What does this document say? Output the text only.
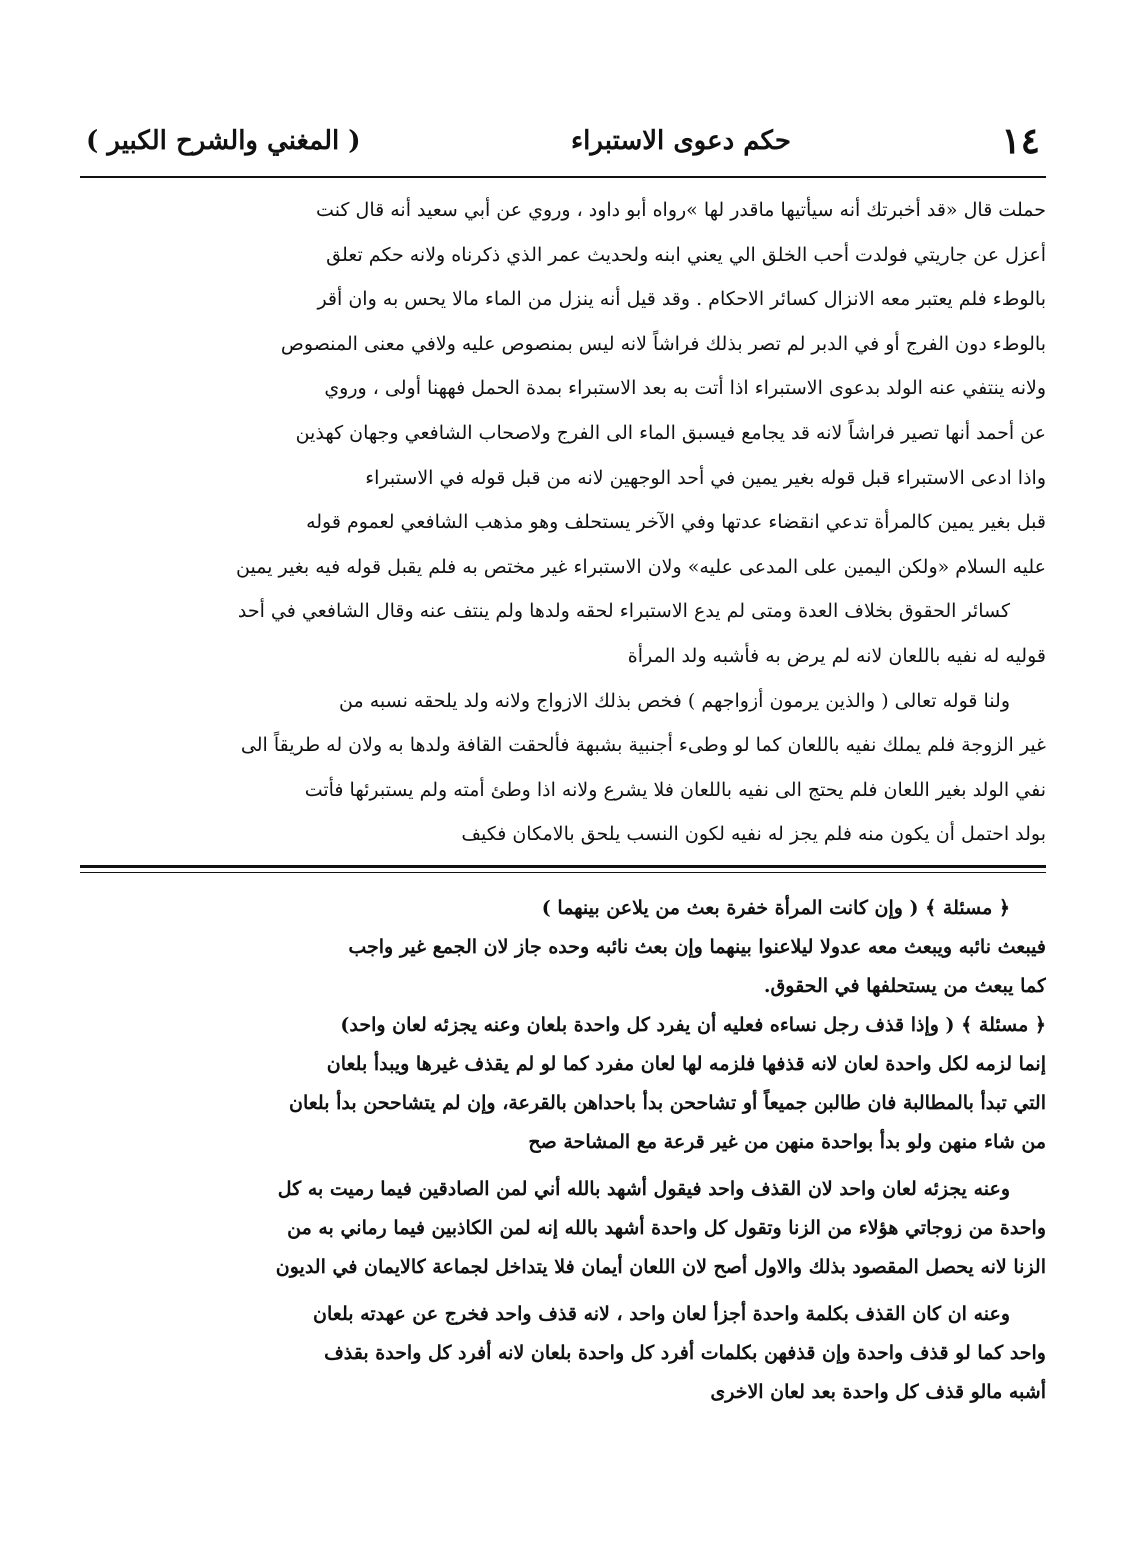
١٤
حكم دعوى الاستبراء
( المغني والشرح الكبير )
حملت قال «قد أخبرتك أنه سيأتيها ماقدر لها »رواه أبو داود ، وروي عن أبي سعيد أنه قال كنت
أعزل عن جاريتي فولدت أحب الخلق الي يعني ابنه ولحديث عمر الذي ذكرناه ولانه حكم تعلق
بالوطء فلم يعتبر معه الانزال كسائر الاحكام . وقد قيل أنه ينزل من الماء مالا يحس به وان أقر
بالوطء دون الفرج أو في الدبر لم تصر بذلك فراشاً لانه ليس بمنصوص عليه ولافي معنى المنصوص
ولانه ينتفي عنه الولد بدعوى الاستبراء اذا أتت به بعد الاستبراء بمدة الحمل فههنا أولى ، وروي
عن أحمد أنها تصير فراشاً لانه قد يجامع فيسبق الماء الى الفرج ولاصحاب الشافعي وجهان كهذين
واذا ادعى الاستبراء قبل قوله بغير يمين في أحد الوجهين لانه من قبل قوله في الاستبراء
قبل بغير يمين كالمرأة تدعي انقضاء عدتها وفي الآخر يستحلف وهو مذهب الشافعي لعموم قوله
عليه السلام «ولكن اليمين على المدعى عليه» ولان الاستبراء غير مختص به فلم يقبل قوله فيه بغير يمين
كسائر الحقوق بخلاف العدة ومتى لم يدع الاستبراء لحقه ولدها ولم ينتف عنه وقال الشافعي في أحد
قوليه له نفيه باللعان لانه لم يرض به فأشبه ولد المرأة
ولنا قوله تعالى ( والذين يرمون أزواجهم ) فخص بذلك الازواج ولانه ولد يلحقه نسبه من
غير الزوجة فلم يملك نفيه باللعان كما لو وطىء أجنبية بشبهة فألحقت القافة ولدها به ولان له طريقاً الى
نفي الولد بغير اللعان فلم يحتج الى نفيه باللعان فلا يشرع ولانه اذا وطئ أمته ولم يستبرئها فأتت
بولد احتمل أن يكون منه فلم يجز له نفيه لكون النسب يلحق بالامكان فكيف
﴿ مسئلة ﴾ ( وإن كانت المرأة خفرة بعث من يلاعن بينهما )
فيبعث نائبه ويبعث معه عدولا ليلاعنوا بينهما وإن بعث نائبه وحده جاز لان الجمع غير واجب
كما يبعث من يستحلفها في الحقوق.
﴿ مسئلة ﴾ ( وإذا قذف رجل نساءه فعليه أن يفرد كل واحدة بلعان وعنه يجزئه لعان واحد)
إنما لزمه لكل واحدة لعان لانه قذفها فلزمه لها لعان مفرد كما لو لم يقذف غيرها ويبدأ بلعان
التي تبدأ بالمطالبة فان طالبن جميعاً أو تشاححن بدأ باحداهن بالقرعة، وإن لم يتشاححن بدأ بلعان
من شاء منهن ولو بدأ بواحدة منهن من غير قرعة مع المشاحة صح
وعنه يجزئه لعان واحد لان القذف واحد فيقول أشهد بالله أني لمن الصادقين فيما رميت به كل
واحدة من زوجاتي هؤلاء من الزنا وتقول كل واحدة أشهد بالله إنه لمن الكاذبين فيما رماني به من
الزنا لانه يحصل المقصود بذلك والاول أصح لان اللعان أيمان فلا يتداخل لجماعة كالايمان في الديون
وعنه ان كان القذف بكلمة واحدة أجزأ لعان واحد ، لانه قذف واحد فخرج عن عهدته بلعان
واحد كما لو قذف واحدة وإن قذفهن بكلمات أفرد كل واحدة بلعان لانه أفرد كل واحدة بقذف
أشبه مالو قذف كل واحدة بعد لعان الاخرى
